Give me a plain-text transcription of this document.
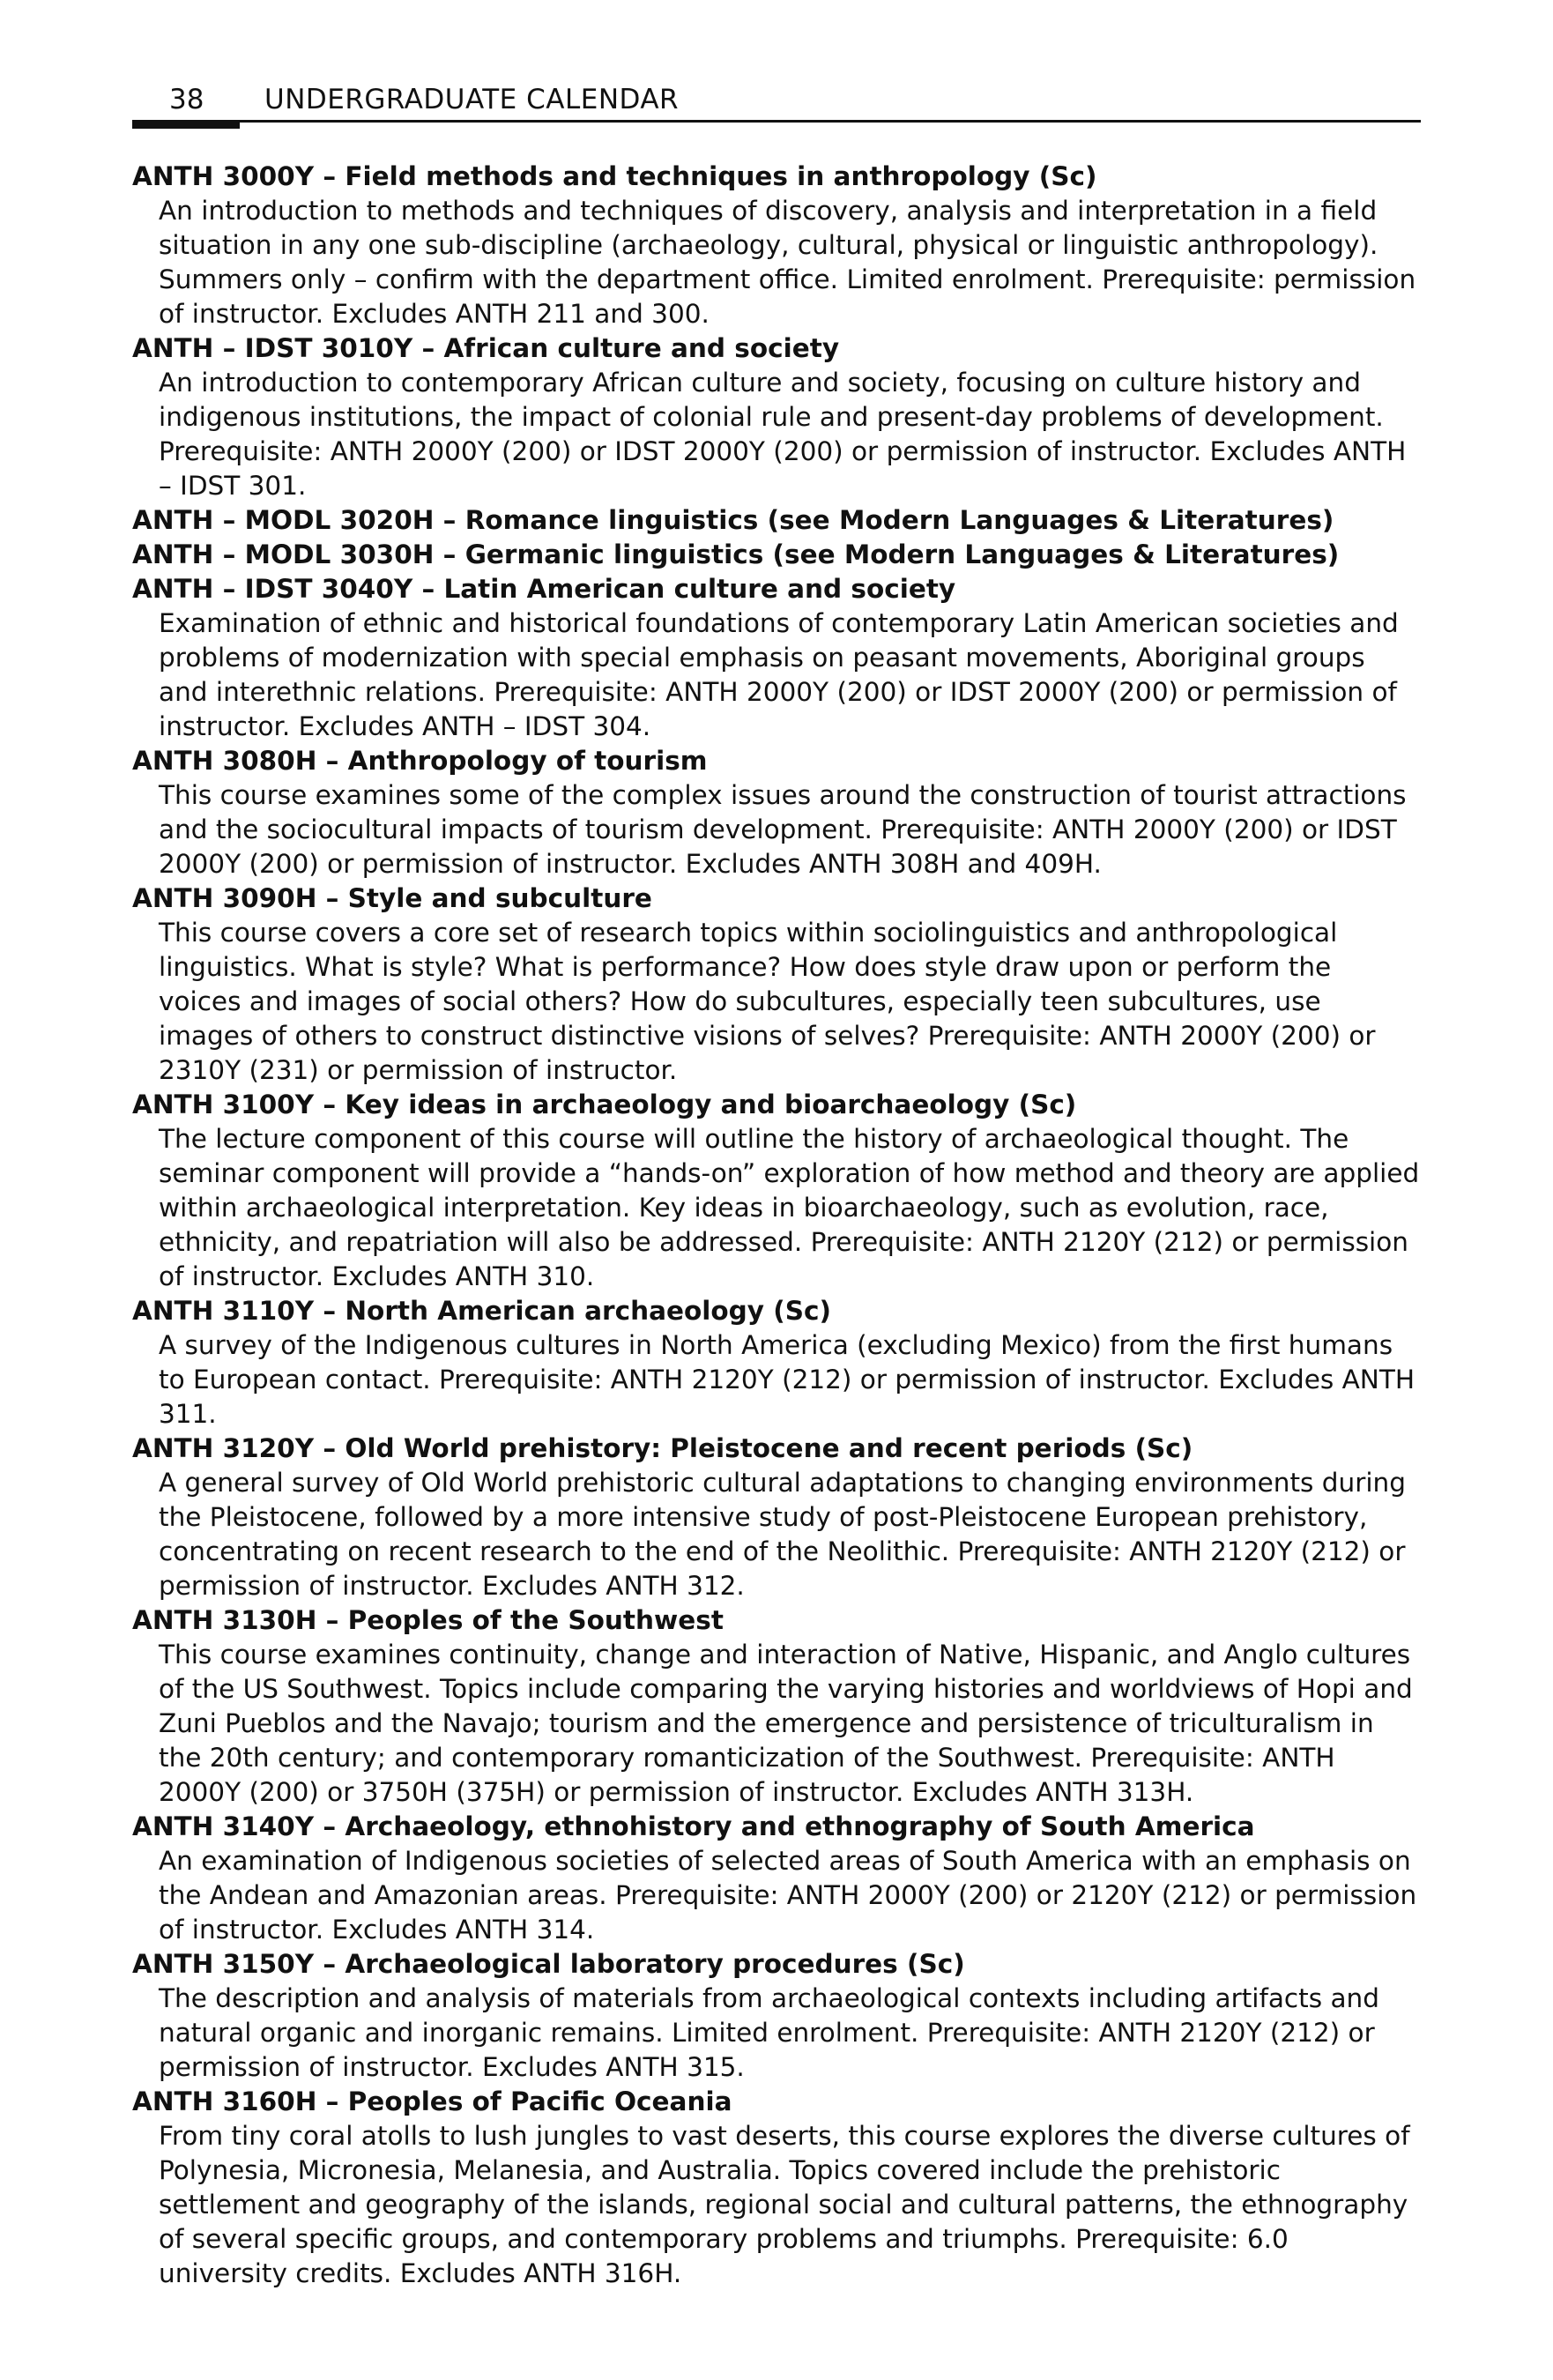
38 UNDERGRADUATE CALENDAR
ANTH 3000Y – Field methods and techniques in anthropology (Sc)
An introduction to methods and techniques of discovery, analysis and interpretation in a field situation in any one sub-discipline (archaeology, cultural, physical or linguistic anthropology). Summers only – confirm with the department office. Limited enrolment. Prerequisite: permission of instructor. Excludes ANTH 211 and 300.
ANTH – IDST 3010Y – African culture and society
An introduction to contemporary African culture and society, focusing on culture history and indigenous institutions, the impact of colonial rule and present-day problems of development. Prerequisite: ANTH 2000Y (200) or IDST 2000Y (200) or permission of instructor. Excludes ANTH – IDST 301.
ANTH – MODL 3020H – Romance linguistics (see Modern Languages & Literatures)
ANTH – MODL 3030H – Germanic linguistics (see Modern Languages & Literatures)
ANTH – IDST 3040Y – Latin American culture and society
Examination of ethnic and historical foundations of contemporary Latin American societies and problems of modernization with special emphasis on peasant movements, Aboriginal groups and interethnic relations. Prerequisite: ANTH 2000Y (200) or IDST 2000Y (200) or permission of instructor. Excludes ANTH – IDST 304.
ANTH 3080H – Anthropology of tourism
This course examines some of the complex issues around the construction of tourist attractions and the sociocultural impacts of tourism development. Prerequisite: ANTH 2000Y (200) or IDST 2000Y (200) or permission of instructor. Excludes ANTH 308H and 409H.
ANTH 3090H – Style and subculture
This course covers a core set of research topics within sociolinguistics and anthropological linguistics. What is style? What is performance? How does style draw upon or perform the voices and images of social others? How do subcultures, especially teen subcultures, use images of others to construct distinctive visions of selves? Prerequisite: ANTH 2000Y (200) or 2310Y (231) or permission of instructor.
ANTH 3100Y – Key ideas in archaeology and bioarchaeology (Sc)
The lecture component of this course will outline the history of archaeological thought. The seminar component will provide a “hands-on” exploration of how method and theory are applied within archaeological interpretation. Key ideas in bioarchaeology, such as evolution, race, ethnicity, and repatriation will also be addressed. Prerequisite: ANTH 2120Y (212) or permission of instructor. Excludes ANTH 310.
ANTH 3110Y – North American archaeology (Sc)
A survey of the Indigenous cultures in North America (excluding Mexico) from the first humans to European contact. Prerequisite: ANTH 2120Y (212) or permission of instructor. Excludes ANTH 311.
ANTH 3120Y – Old World prehistory: Pleistocene and recent periods (Sc)
A general survey of Old World prehistoric cultural adaptations to changing environments during the Pleistocene, followed by a more intensive study of post-Pleistocene European prehistory, concentrating on recent research to the end of the Neolithic. Prerequisite: ANTH 2120Y (212) or permission of instructor. Excludes ANTH 312.
ANTH 3130H – Peoples of the Southwest
This course examines continuity, change and interaction of Native, Hispanic, and Anglo cultures of the US Southwest. Topics include comparing the varying histories and worldviews of Hopi and Zuni Pueblos and the Navajo; tourism and the emergence and persistence of triculturalism in the 20th century; and contemporary romanticization of the Southwest. Prerequisite: ANTH 2000Y (200) or 3750H (375H) or permission of instructor. Excludes ANTH 313H.
ANTH 3140Y – Archaeology, ethnohistory and ethnography of South America
An examination of Indigenous societies of selected areas of South America with an emphasis on the Andean and Amazonian areas. Prerequisite: ANTH 2000Y (200) or 2120Y (212) or permission of instructor. Excludes ANTH 314.
ANTH 3150Y – Archaeological laboratory procedures (Sc)
The description and analysis of materials from archaeological contexts including artifacts and natural organic and inorganic remains. Limited enrolment. Prerequisite: ANTH 2120Y (212) or permission of instructor. Excludes ANTH 315.
ANTH 3160H – Peoples of Pacific Oceania
From tiny coral atolls to lush jungles to vast deserts, this course explores the diverse cultures of Polynesia, Micronesia, Melanesia, and Australia. Topics covered include the prehistoric settlement and geography of the islands, regional social and cultural patterns, the ethnography of several specific groups, and contemporary problems and triumphs. Prerequisite: 6.0 university credits. Excludes ANTH 316H.
